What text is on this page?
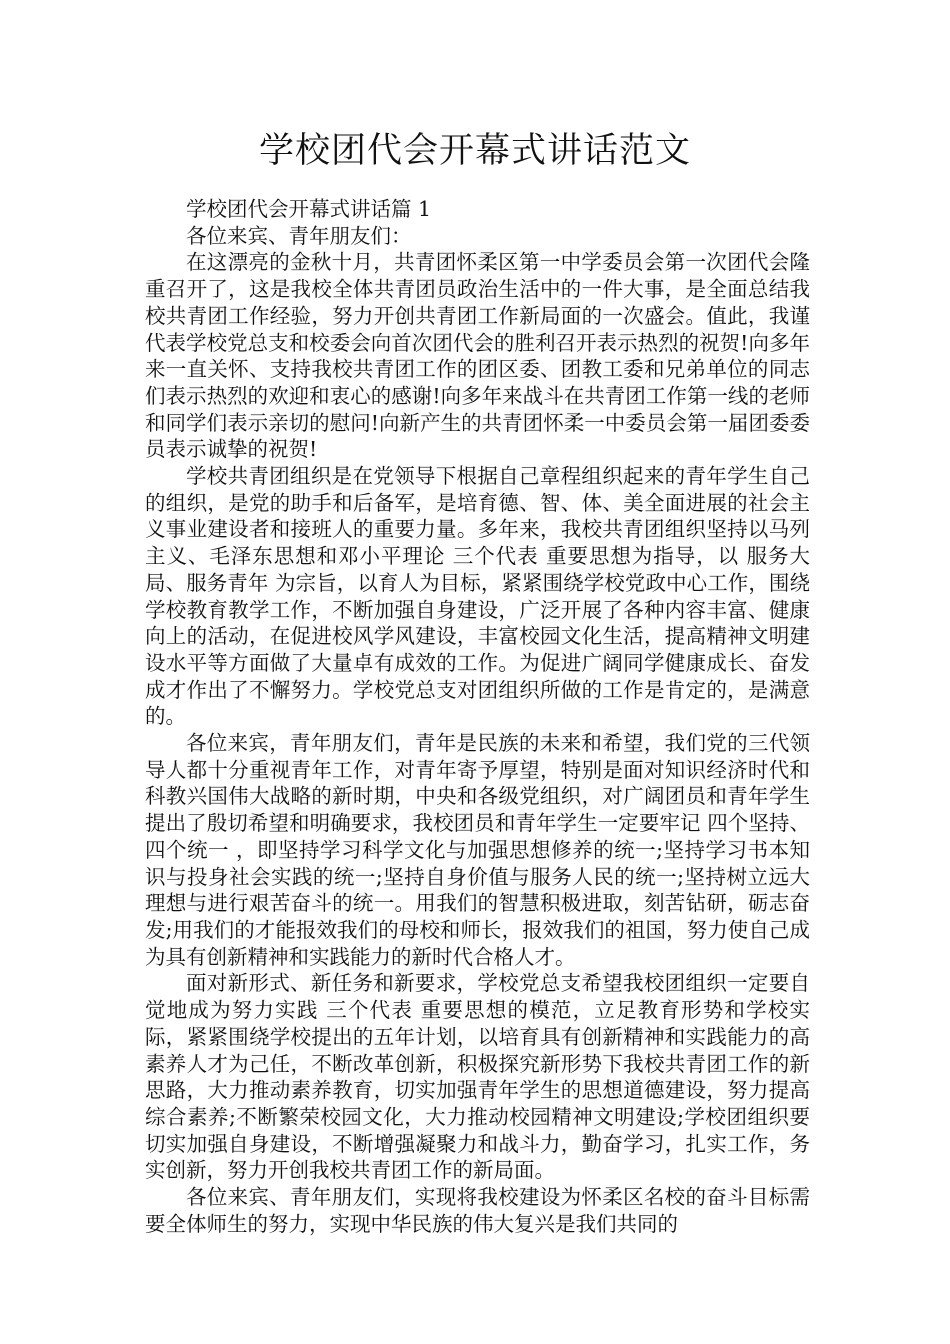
学校团代会开幕式讲话范文

学校团代会开幕式讲话篇 1

各位来宾、青年朋友们：

在这漂亮的金秋十月，共青团怀柔区第一中学委员会第一次团代会隆重召开了，这是我校全体共青团员政治生活中的一件大事，是全面总结我校共青团工作经验，努力开创共青团工作新局面的一次盛会。值此，我谨代表学校党总支和校委会向首次团代会的胜利召开表示热烈的祝贺!向多年来一直关怀、支持我校共青团工作的团区委、团教工委和兄弟单位的同志们表示热烈的欢迎和衷心的感谢!向多年来战斗在共青团工作第一线的老师和同学们表示亲切的慰问!向新产生的共青团怀柔一中委员会第一届团委委员表示诚挚的祝贺!

学校共青团组织是在党领导下根据自己章程组织起来的青年学生自己的组织，是党的助手和后备军，是培育德、智、体、美全面进展的社会主义事业建设者和接班人的重要力量。多年来，我校共青团组织坚持以马列主义、毛泽东思想和邓小平理论 三个代表 重要思想为指导，以 服务大局、服务青年 为宗旨，以育人为目标，紧紧围绕学校党政中心工作，围绕学校教育教学工作，不断加强自身建设，广泛开展了各种内容丰富、健康向上的活动，在促进校风学风建设，丰富校园文化生活，提高精神文明建设水平等方面做了大量卓有成效的工作。为促进广阔同学健康成长、奋发成才作出了不懈努力。学校党总支对团组织所做的工作是肯定的，是满意的。

各位来宾，青年朋友们，青年是民族的未来和希望，我们党的三代领导人都十分重视青年工作，对青年寄予厚望，特别是面对知识经济时代和科教兴国伟大战略的新时期，中央和各级党组织，对广阔团员和青年学生提出了殷切希望和明确要求，我校团员和青年学生一定要牢记 四个坚持、四个统一 ，即坚持学习科学文化与加强思想修养的统一;坚持学习书本知识与投身社会实践的统一;坚持自身价值与服务人民的统一;坚持树立远大理想与进行艰苦奋斗的统一。用我们的智慧积极进取，刻苦钻研，砺志奋发;用我们的才能报效我们的母校和师长，报效我们的祖国，努力使自己成为具有创新精神和实践能力的新时代合格人才。

面对新形式、新任务和新要求，学校党总支希望我校团组织一定要自觉地成为努力实践 三个代表 重要思想的模范，立足教育形势和学校实际，紧紧围绕学校提出的五年计划，以培育具有创新精神和实践能力的高素养人才为己任，不断改革创新，积极探究新形势下我校共青团工作的新思路，大力推动素养教育，切实加强青年学生的思想道德建设，努力提高综合素养;不断繁荣校园文化，大力推动校园精神文明建设;学校团组织要切实加强自身建设，不断增强凝聚力和战斗力，勤奋学习，扎实工作，务实创新，努力开创我校共青团工作的新局面。

各位来宾、青年朋友们，实现将我校建设为怀柔区名校的奋斗目标需要全体师生的努力，实现中华民族的伟大复兴是我们共同的
